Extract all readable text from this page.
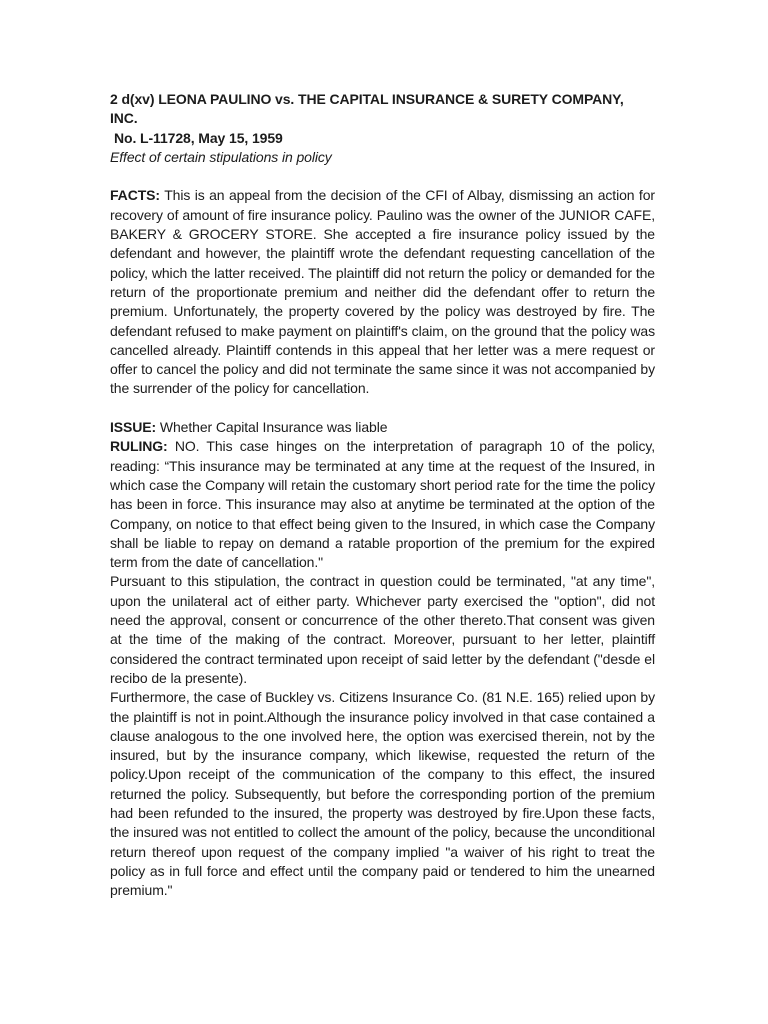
2 d(xv) LEONA PAULINO vs. THE CAPITAL INSURANCE & SURETY COMPANY, INC.

No. L-11728, May 15, 1959

Effect of certain stipulations in policy

FACTS: This is an appeal from the decision of the CFI of Albay, dismissing an action for recovery of amount of fire insurance policy. Paulino was the owner of the JUNIOR CAFE, BAKERY & GROCERY STORE. She accepted a fire insurance policy issued by the defendant and however, the plaintiff wrote the defendant requesting cancellation of the policy, which the latter received. The plaintiff did not return the policy or demanded for the return of the proportionate premium and neither did the defendant offer to return the premium. Unfortunately, the property covered by the policy was destroyed by fire. The defendant refused to make payment on plaintiff's claim, on the ground that the policy was cancelled already. Plaintiff contends in this appeal that her letter was a mere request or offer to cancel the policy and did not terminate the same since it was not accompanied by the surrender of the policy for cancellation.

ISSUE: Whether Capital Insurance was liable

RULING: NO. This case hinges on the interpretation of paragraph 10 of the policy, reading: “This insurance may be terminated at any time at the request of the Insured, in which case the Company will retain the customary short period rate for the time the policy has been in force. This insurance may also at anytime be terminated at the option of the Company, on notice to that effect being given to the Insured, in which case the Company shall be liable to repay on demand a ratable proportion of the premium for the expired term from the date of cancellation."

Pursuant to this stipulation, the contract in question could be terminated, "at any time", upon the unilateral act of either party. Whichever party exercised the "option", did not need the approval, consent or concurrence of the other thereto.That consent was given at the time of the making of the contract. Moreover, pursuant to her letter, plaintiff considered the contract terminated upon receipt of said letter by the defendant ("desde el recibo de la presente).

Furthermore, the case of Buckley vs. Citizens Insurance Co. (81 N.E. 165) relied upon by the plaintiff is not in point.Although the insurance policy involved in that case contained a clause analogous to the one involved here, the option was exercised therein, not by the insured, but by the insurance company, which likewise, requested the return of the policy.Upon receipt of the communication of the company to this effect, the insured returned the policy. Subsequently, but before the corresponding portion of the premium had been refunded to the insured, the property was destroyed by fire.Upon these facts, the insured was not entitled to collect the amount of the policy, because the unconditional return thereof upon request of the company implied "a waiver of his right to treat the policy as in full force and effect until the company paid or tendered to him the unearned premium."
